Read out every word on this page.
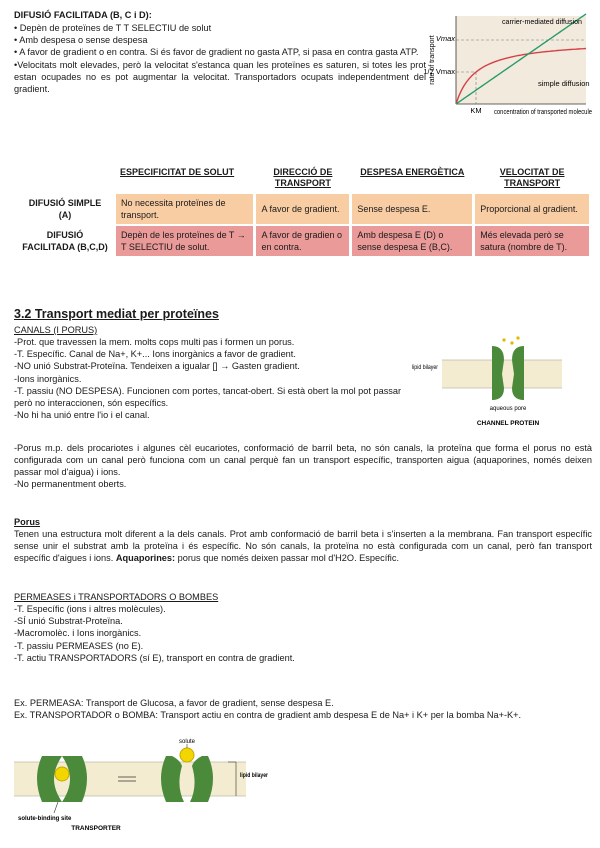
DIFUSIÓ FACILITADA (B, C i D):

• Depèn de proteïnes de T T SELECTIU de solut

• Amb despesa o sense despesa

• A favor de gradient o en contra. Si és favor de gradient no gasta ATP, si pasa en contra gasta ATP.

•Velocitats molt elevades, però la velocitat s'estanca quan les proteïnes es saturen, si totes les prot estan ocupades no es pot augmentar la velocitat. Transportadors ocupats independentment del gradient.

Vmax
1/2 Vmax
KM
rate of transport
carrier-mediated diffusion
simple diffusion
concentration of transported molecule
	ESPECIFICITAT DE SOLUT	DIRECCIÓ DE TRANSPORT	DESPESA ENERGÈTICA	VELOCITAT DE TRANSPORT
DIFUSIÓ SIMPLE (A)	No necessita proteïnes de transport.	A favor de gradient.	Sense despesa E.	Proporcional al gradient.
DIFUSIÓ FACILITADA (B,C,D)	Depèn de les proteïnes de T → T SELECTIU de solut.	A favor de gradien o en contra.	Amb despesa E (D) o sense despesa E (B,C).	Més elevada però se satura (nombre de T).
3.2 Transport mediat per proteïnes
CANALS (I PORUS)
-Prot. que travessen la mem. molts cops multi pas i formen un porus.
-T. Específic. Canal de Na+, K+... Ions inorgànics a favor de gradient.
-NO unió Substrat-Proteïna. Tendeixen a igualar [] → Gasten gradient.
-Ions inorgànics.
-T. passiu (NO DESPESA). Funcionen com portes, tancat-obert. Si està obert la mol pot passar però no interaccionen, són específics.
-No hi ha unió entre l'io i el canal.
lipid bilayer
aqueous pore
CHANNEL PROTEIN

-Porus m.p. dels procariotes i algunes cèl eucariotes, conformació de barril beta, no són canals, la proteïna que forma el porus no està configurada com un canal però funciona com un canal perquè fan un transport específic, transporten aigua (aquaporines, només deixen passar mol d'aigua) i ions.

-No permanentment oberts.

Porus

Tenen una estructura molt diferent a la dels canals. Prot amb conformació de barril beta i s'inserten a la membrana. Fan transport específic sense unir el substrat amb la proteïna i és específic. No són canals, la proteïna no està configurada com un canal, però fan transport específic d'aigues i ions. Aquaporines: porus que només deixen passar mol d'H2O. Específic.

PERMEASES i TRANSPORTADORS O BOMBES
-T. Específic (ions i altres molècules).
-SÍ unió Substrat-Proteïna.
-Macromolèc. i Ions inorgànics.
-T. passiu PERMEASES (no E).
-T. actiu TRANSPORTADORS (sí E), transport en contra de gradient.
Ex. PERMEASA: Transport de Glucosa, a favor de gradient, sense despesa E.
Ex. TRANSPORTADOR o BOMBA: Transport actiu en contra de gradient amb despesa E de Na+ i K+ per la bomba Na+-K+.
solute
solute-binding site
lipid bilayer
TRANSPORTER
